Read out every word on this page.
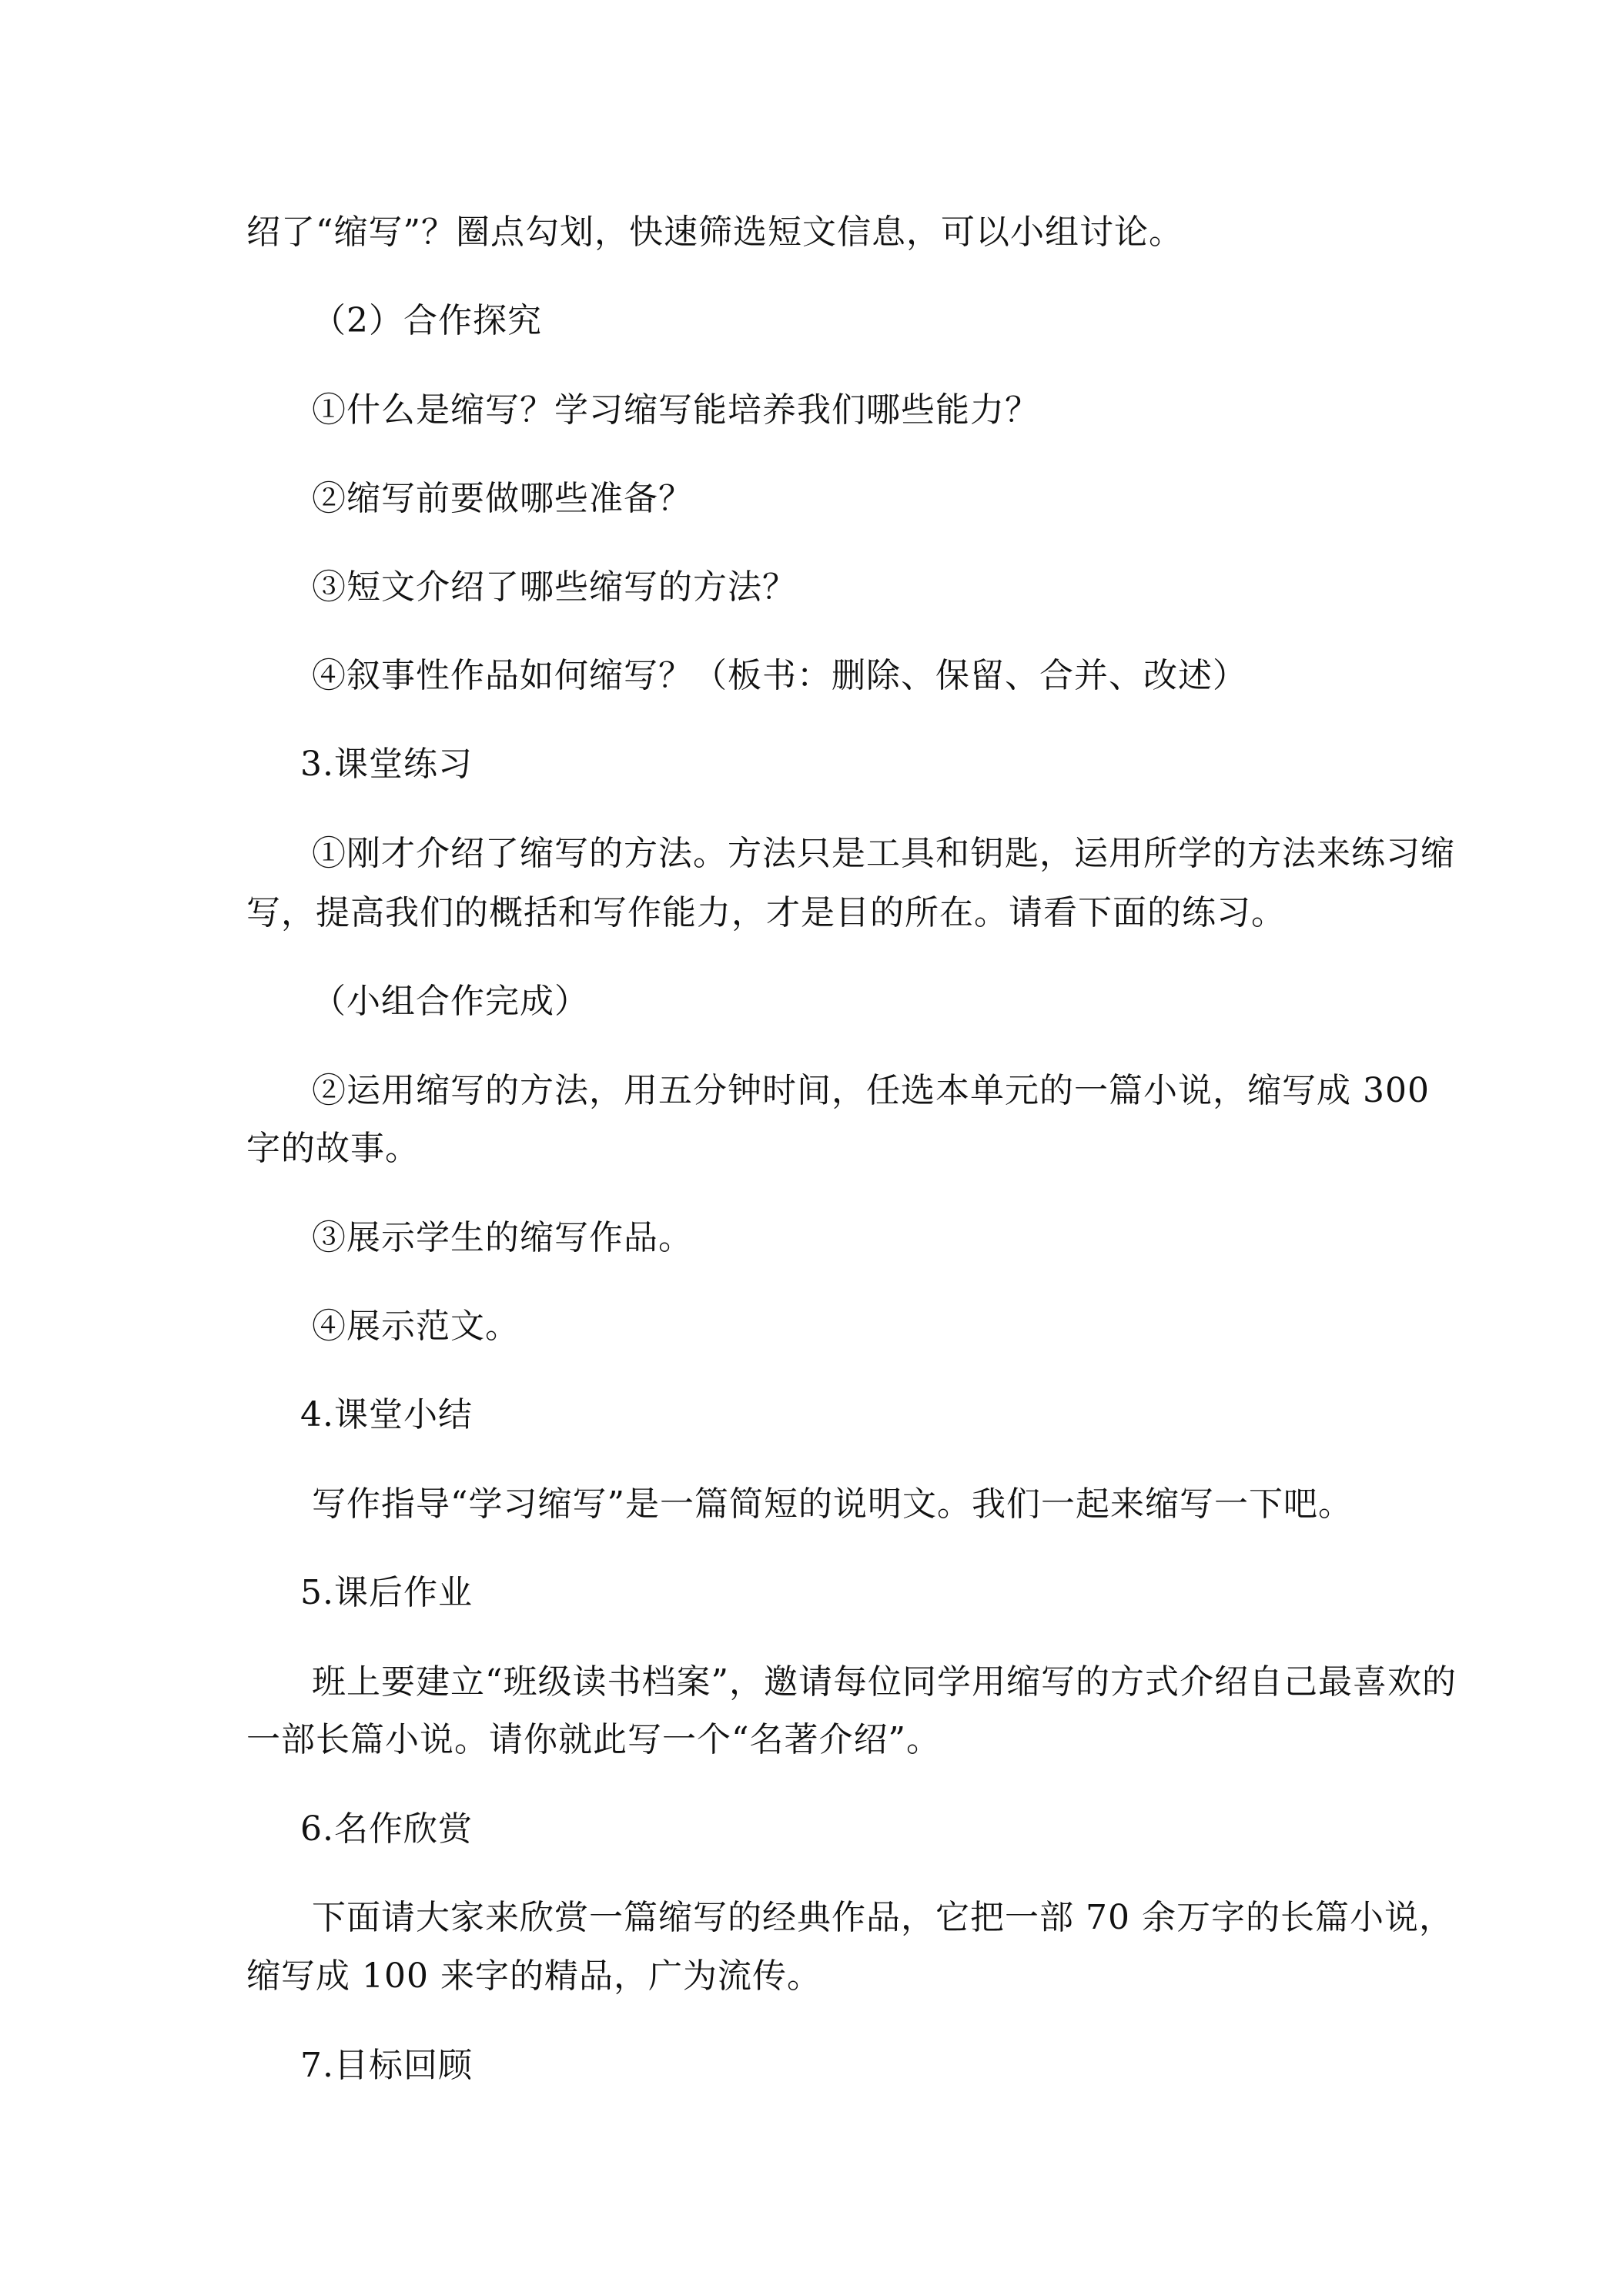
绍了“缩写”？圈点勾划，快速筛选短文信息，可以小组讨论。
（2）合作探究
①什么是缩写？学习缩写能培养我们哪些能力？
②缩写前要做哪些准备？
③短文介绍了哪些缩写的方法？
④叙事性作品如何缩写？（板书：删除、保留、合并、改述）
3.课堂练习
①刚才介绍了缩写的方法。方法只是工具和钥匙，运用所学的方法来练习缩
写，提高我们的概括和写作能力，才是目的所在。请看下面的练习。
（小组合作完成）
②运用缩写的方法，用五分钟时间，任选本单元的一篇小说，缩写成 300
字的故事。
③展示学生的缩写作品。
④展示范文。
4.课堂小结
写作指导“学习缩写”是一篇简短的说明文。我们一起来缩写一下吧。
5.课后作业
班上要建立“班级读书档案”，邀请每位同学用缩写的方式介绍自己最喜欢的
一部长篇小说。请你就此写一个“名著介绍”。
6.名作欣赏
下面请大家来欣赏一篇缩写的经典作品，它把一部 70 余万字的长篇小说，
缩写成 100 来字的精品，广为流传。
7.目标回顾
